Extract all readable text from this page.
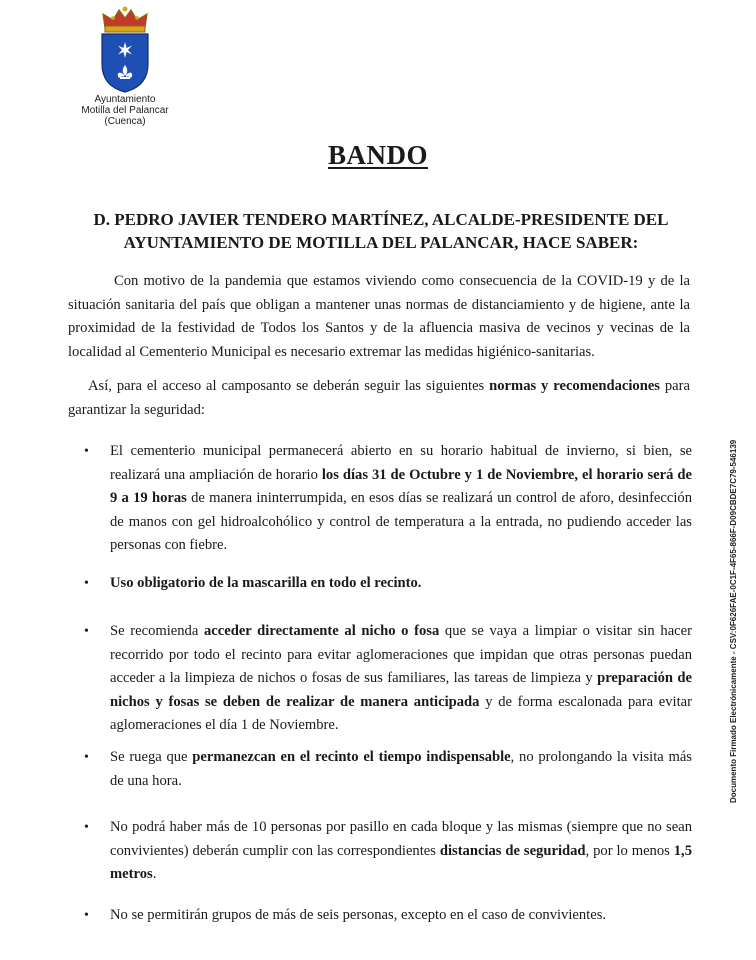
Ayuntamiento
Motilla del Palancar
(Cuenca)
BANDO
D. PEDRO JAVIER TENDERO MARTÍNEZ, ALCALDE-PRESIDENTE DEL
AYUNTAMIENTO DE MOTILLA DEL PALANCAR, HACE SABER:
Con motivo de la pandemia que estamos viviendo como consecuencia de la COVID-19 y de la situación sanitaria del país que obligan a mantener unas normas de distanciamiento y de higiene, ante la proximidad de la festividad de Todos los Santos y de la afluencia masiva de vecinos y vecinas de la localidad al Cementerio Municipal es necesario extremar las medidas higiénico-sanitarias.
Así, para el acceso al camposanto se deberán seguir las siguientes normas y recomendaciones para garantizar la seguridad:
• El cementerio municipal permanecerá abierto en su horario habitual de invierno, si bien, se realizará una ampliación de horario los días 31 de Octubre y 1 de Noviembre, el horario será de 9 a 19 horas de manera ininterrumpida, en esos días se realizará un control de aforo, desinfección de manos con gel hidroalcohólico y control de temperatura a la entrada, no pudiendo acceder las personas con fiebre.
• Uso obligatorio de la mascarilla en todo el recinto.
• Se recomienda acceder directamente al nicho o fosa que se vaya a limpiar o visitar sin hacer recorrido por todo el recinto para evitar aglomeraciones que impidan que otras personas puedan acceder a la limpieza de nichos o fosas de sus familiares, las tareas de limpieza y preparación de nichos y fosas se deben de realizar de manera anticipada y de forma escalonada para evitar aglomeraciones el día 1 de Noviembre.
• Se ruega que permanezcan en el recinto el tiempo indispensable, no prolongando la visita más de una hora.
• No podrá haber más de 10 personas por pasillo en cada bloque y las mismas (siempre que no sean convivientes) deberán cumplir con las correspondientes distancias de seguridad, por lo menos 1,5 metros.
• No se permitirán grupos de más de seis personas, excepto en el caso de convivientes.
Documento Firmado Electrónicamente - CSV:0F626FAE-0C1F-4F65-866F-D09CBDE7C79-546139
